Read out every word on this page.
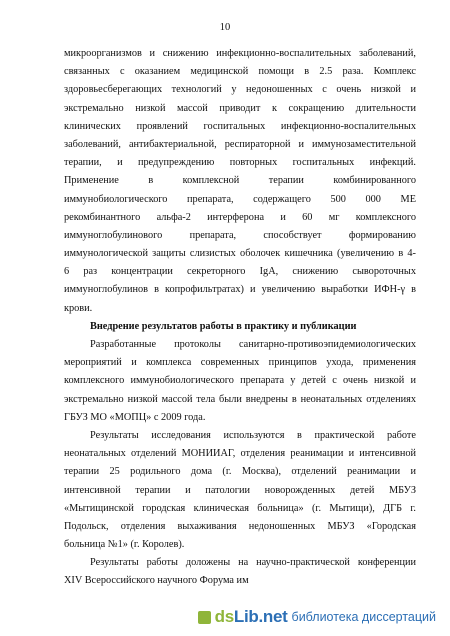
10
микроорганизмов и снижению инфекционно-воспалительных заболеваний,
связанных с оказанием медицинской помощи в 2.5 раза. Комплекс
здоровьесберегающих технологий у недоношенных с очень низкой и
экстремально низкой массой приводит к сокращению длительности
клинических проявлений госпитальных инфекционно-воспалительных
заболеваний, антибактериальной, респираторной и иммунозаместительной
терапии, и предупреждению повторных госпитальных инфекций.
Применение в комплексной терапии комбинированного
иммунобиологического препарата, содержащего 500 000 МЕ
рекомбинантного альфа-2 интерферона и 60 мг комплексного
иммуноглобулинового препарата, способствует формированию
иммунологической защиты слизистых оболочек кишечника (увеличению в 4-
6 раз концентрации секреторного IgA, снижению сывороточных
иммуноглобулинов в копрофильтратах) и увеличению выработки ИФН-γ в
крови.
Внедрение результатов работы в практику и публикации
Разработанные протоколы санитарно-противоэпидемиологических
мероприятий и комплекса современных принципов ухода, применения
комплексного иммунобиологического препарата у детей с очень низкой и
экстремально низкой массой тела были внедрены в неонатальных отделениях
ГБУЗ МО «МОПЦ» с 2009 года.
Результаты исследования используются в практической работе
неонатальных отделений МОНИИАГ, отделения реанимации и интенсивной
терапии 25 родильного дома (г. Москва), отделений реанимации и
интенсивной терапии и патологии новорожденных детей МБУЗ
«Мытищинской городская клиническая больница» (г. Мытищи), ДГБ г.
Подольск, отделения выхаживания недоношенных МБУЗ «Городская
больница №1» (г. Королев).
Результаты работы доложены на научно-практической конференции
XIV Всероссийского научного Форума им
dsLib.net библиотека диссертаций
